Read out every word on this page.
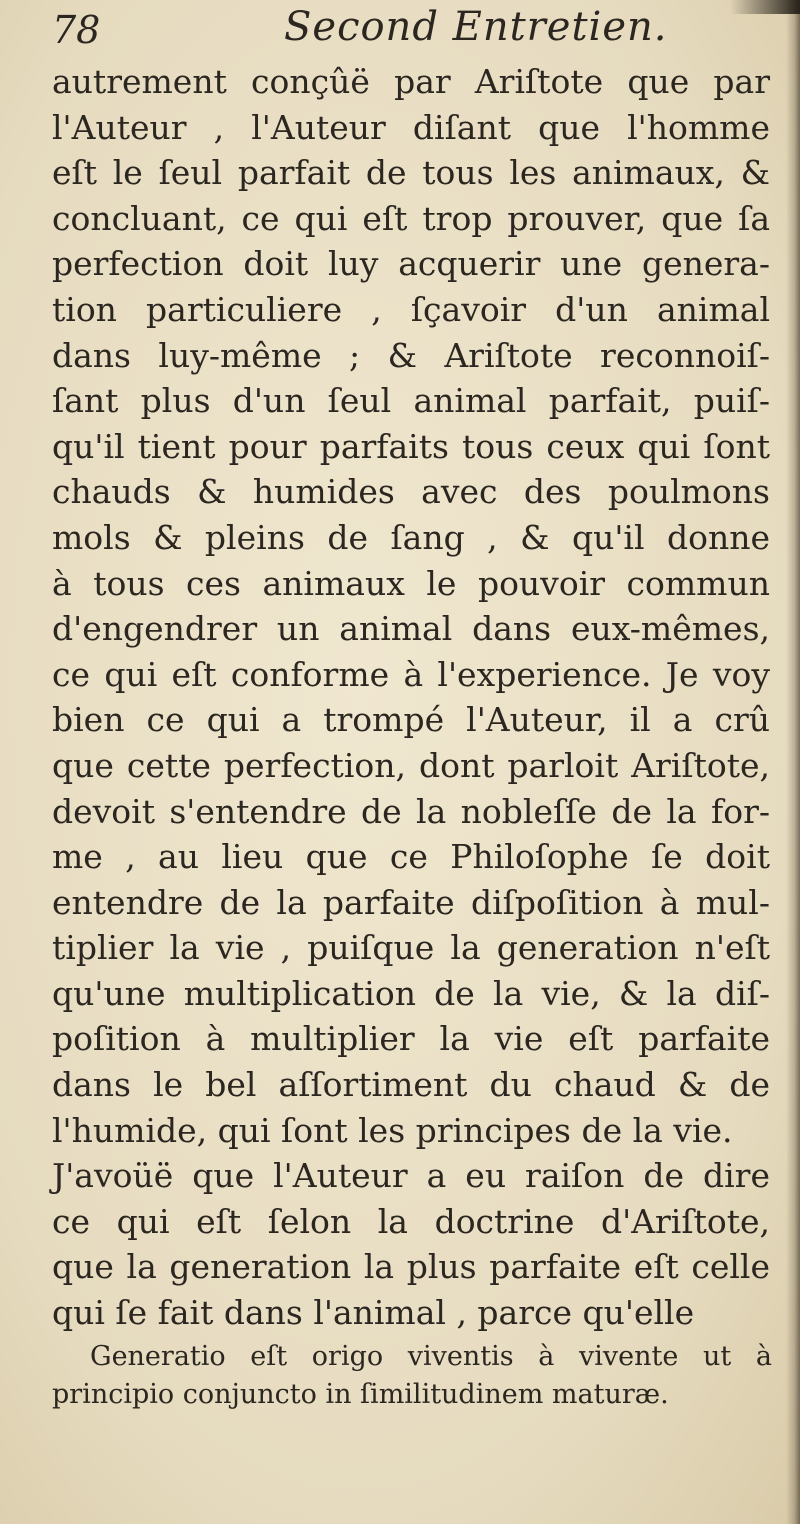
78	Second Entretien.
autrement conçûë par Ariſtote que par
l'Auteur , l'Auteur diſant que l'homme
eſt le ſeul parfait de tous les animaux, &
concluant, ce qui eſt trop prouver, que ſa
perfection doit luy acquerir une genera-
tion particuliere , ſçavoir d'un animal
dans luy-même ; & Ariſtote reconnoiſ-
ſant plus d'un ſeul animal parfait, puiſ-
qu'il tient pour parfaits tous ceux qui ſont
chauds & humides avec des poulmons
mols & pleins de ſang , & qu'il donne
à tous ces animaux le pouvoir commun
d'engendrer un animal dans eux-mêmes,
ce qui eſt conforme à l'experience. Je voy
bien ce qui a trompé l'Auteur, il a crû
que cette perfection, dont parloit Ariſtote,
devoit s'entendre de la nobleſſe de la for-
me , au lieu que ce Philoſophe ſe doit
entendre de la parfaite diſpoſition à mul-
tiplier la vie , puiſque la generation n'eſt
qu'une multiplication de la vie, & la diſ-
poſition à multiplier la vie eſt parfaite
dans le bel aſſortiment du chaud & de
l'humide, qui ſont les principes de la vie.
J'avoüë que l'Auteur a eu raiſon de dire
ce qui eſt ſelon la doctrine d'Ariſtote,
que la generation la plus parfaite eſt celle
qui ſe fait dans l'animal , parce qu'elle
Generatio eſt origo viventis à vivente ut à
principio conjuncto in ſimilitudinem maturæ.
